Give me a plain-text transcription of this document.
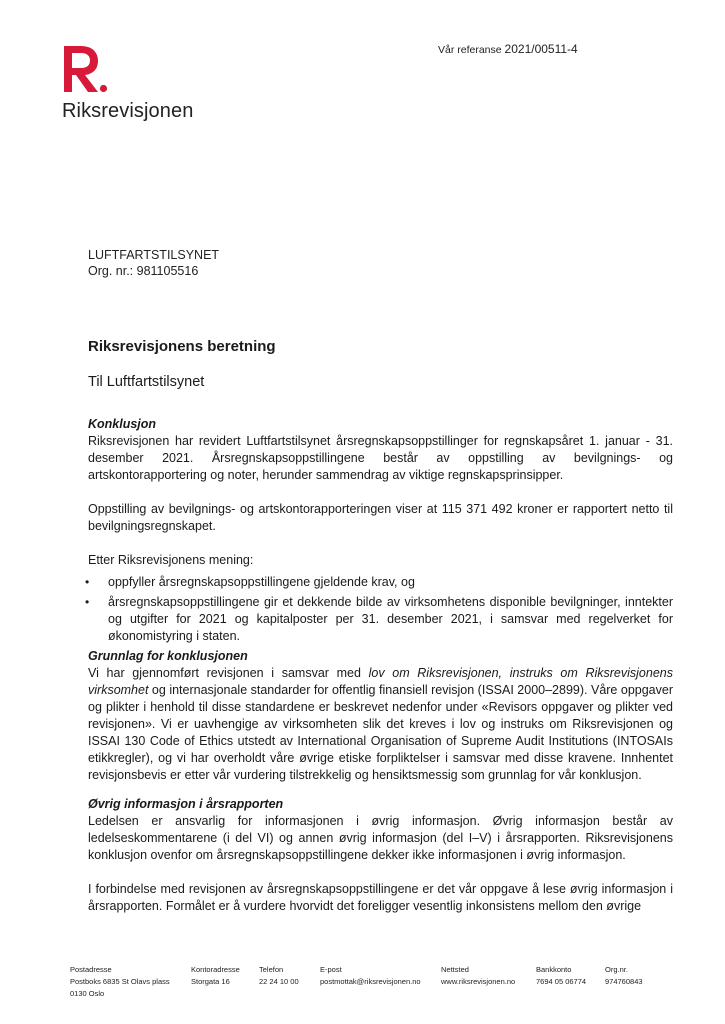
Riksrevisjonen
Vår referanse 2021/00511-4
LUFTFARTSTILSYNET
Org. nr.: 981105516
Riksrevisjonens beretning
Til Luftfartstilsynet
Konklusjon

Riksrevisjonen har revidert Luftfartstilsynet årsregnskapsoppstillinger for regnskapsåret 1. januar - 31. desember 2021. Årsregnskapsoppstillingene består av oppstilling av bevilgnings- og artskontorapportering og noter, herunder sammendrag av viktige regnskapsprinsipper.

Oppstilling av bevilgnings- og artskontorapporteringen viser at 115 371 492 kroner er rapportert netto til bevilgningsregnskapet.

Etter Riksrevisjonens mening:

• oppfyller årsregnskapsoppstillingene gjeldende krav, og
• årsregnskapsoppstillingene gir et dekkende bilde av virksomhetens disponible bevilgninger, inntekter og utgifter for 2021 og kapitalposter per 31. desember 2021, i samsvar med regelverket for økonomistyring i staten.
Grunnlag for konklusjonen

Vi har gjennomført revisjonen i samsvar med lov om Riksrevisjonen, instruks om Riksrevisjonens virksomhet og internasjonale standarder for offentlig finansiell revisjon (ISSAI 2000–2899). Våre oppgaver og plikter i henhold til disse standardene er beskrevet nedenfor under «Revisors oppgaver og plikter ved revisjonen». Vi er uavhengige av virksomheten slik det kreves i lov og instruks om Riksrevisjonen og ISSAI 130 Code of Ethics utstedt av International Organisation of Supreme Audit Institutions (INTOSAIs etikkregler), og vi har overholdt våre øvrige etiske forpliktelser i samsvar med disse kravene. Innhentet revisjonsbevis er etter vår vurdering tilstrekkelig og hensiktsmessig som grunnlag for vår konklusjon.

Øvrig informasjon i årsrapporten

Ledelsen er ansvarlig for informasjonen i øvrig informasjon. Øvrig informasjon består av ledelseskommentarene (i del VI) og annen øvrig informasjon (del I–V) i årsrapporten. Riksrevisjonens konklusjon ovenfor om årsregnskapsoppstillingene dekker ikke informasjonen i øvrig informasjon.

I forbindelse med revisjonen av årsregnskapsoppstillingene er det vår oppgave å lese øvrig informasjon i årsrapporten. Formålet er å vurdere hvorvidt det foreligger vesentlig inkonsistens mellom den øvrige

Postadresse
Postboks 6835 St Olavs plass
0130 Oslo
Kontoradresse
Storgata 16
Telefon
22 24 10 00
E-post
postmottak@riksrevisjonen.no
Nettsted
www.riksrevisjonen.no
Bankkonto
7694 05 06774
Org.nr.
974760843
